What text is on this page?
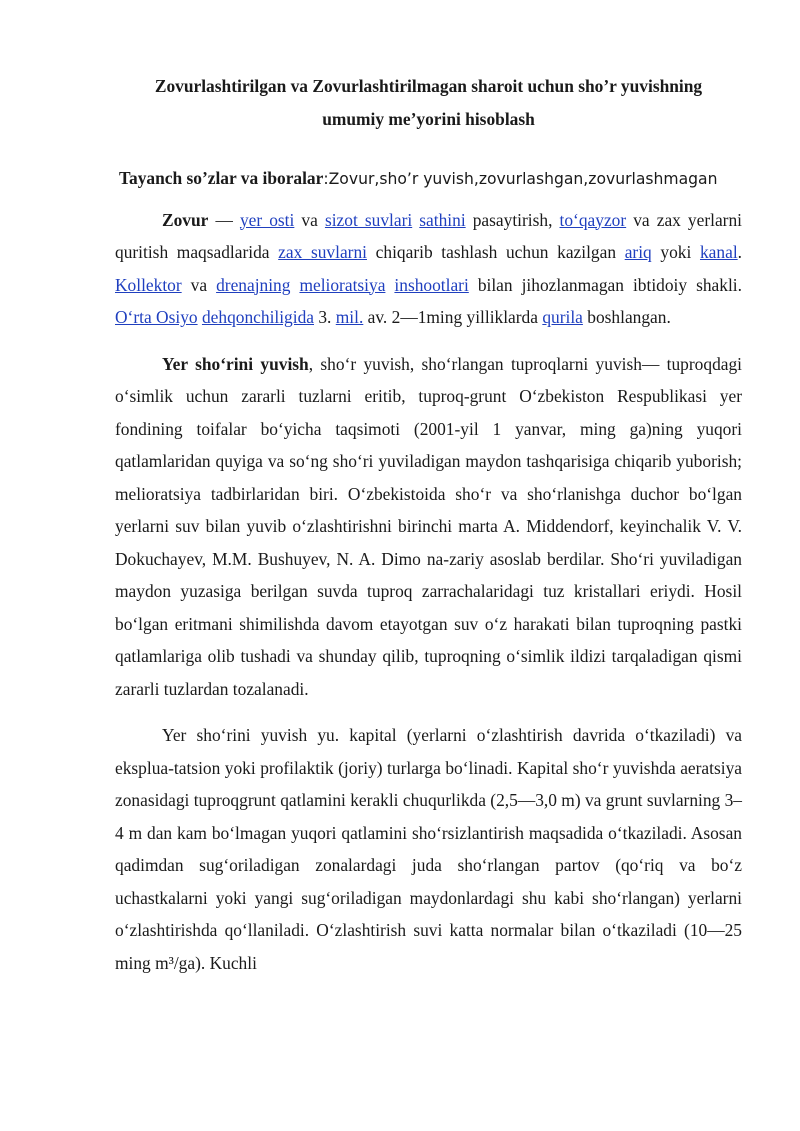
Zovurlashtirilgan va Zovurlashtirilmagan sharoit uchun sho’r yuvishning
umumiy me’yorini hisoblash
Tayanch so’zlar va iboralar:Zovur,sho’r yuvish,zovurlashgan,zovurlashmagan

Zovur — yer osti va sizot suvlari sathini pasaytirish, to‘qayzor va zax yerlarni quritish maqsadlarida zax suvlarni chiqarib tashlash uchun kazilgan ariq yoki kanal. Kollektor va drenajning melioratsiya inshootlari bilan jihozlanmagan ibtidoiy shakli. O‘rta Osiyo dehqonchiligida 3. mil. av. 2—1ming yilliklarda qurila boshlangan.

Yer sho‘rini yuvish, sho‘r yuvish, sho‘rlangan tuproqlarni yuvish— tuproqdagi o‘simlik uchun zararli tuzlarni eritib, tuproq-grunt O‘zbekiston Respublikasi yer fondining toifalar bo‘yicha taqsimoti (2001-yil 1 yanvar, ming ga)ning yuqori qatlamlaridan quyiga va so‘ng sho‘ri yuviladigan maydon tashqarisiga chiqarib yuborish; melioratsiya tadbirlaridan biri. O‘zbekistoida sho‘r va sho‘rlanishga duchor bo‘lgan yerlarni suv bilan yuvib o‘zlashtirishni birinchi marta A. Middendorf, keyinchalik V. V. Dokuchayev, M.M. Bushuyev, N. A. Dimo na-zariy asoslab berdilar. Sho‘ri yuviladigan maydon yuzasiga berilgan suvda tuproq zarrachalaridagi tuz kristallari eriydi. Hosil bo‘lgan eritmani shimilishda davom etayotgan suv o‘z harakati bilan tuproqning pastki qatlamlariga olib tushadi va shunday qilib, tuproqning o‘simlik ildizi tarqaladigan qismi zararli tuzlardan tozalanadi.

Yer sho‘rini yuvish yu. kapital (yerlarni o‘zlashtirish davrida o‘tkaziladi) va eksplua-tatsion yoki profilaktik (joriy) turlarga bo‘linadi. Kapital sho‘r yuvishda aeratsiya zonasidagi tuproqgrunt qatlamini kerakli chuqurlikda (2,5—3,0 m) va grunt suvlarning 3–4 m dan kam bo‘lmagan yuqori qatlamini sho‘rsizlantirish maqsadida o‘tkaziladi. Asosan qadimdan sug‘oriladigan zonalardagi juda sho‘rlangan partov (qo‘riq va bo‘z uchastkalarni yoki yangi sug‘oriladigan maydonlardagi shu kabi sho‘rlangan) yerlarni o‘zlashtirishda qo‘llaniladi. O‘zlashtirish suvi katta normalar bilan o‘tkaziladi (10—25 ming m³/ga). Kuchli
